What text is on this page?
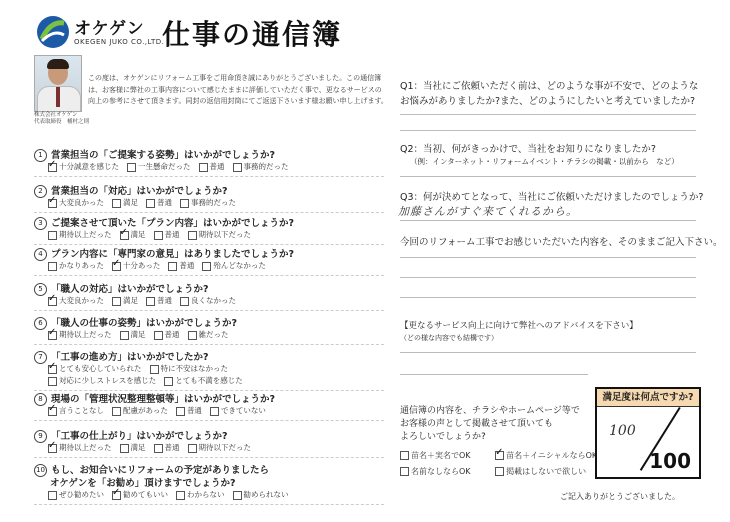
オケゲン
OKEGEN JUKO CO.,LTD.
仕事の通信簿
株式会社オケゲン
代表取締役　桶村之則
この度は、オケゲンにリフォーム工事をご用命頂き誠にありがとうございました。この通信簿は、お客様に弊社の工事内容について感じたままに評価していただく事で、更なるサービスの向上の参考にさせて頂きます。同封の返信用封筒にてご返送下さいます様お願い申し上げます。
1 営業担当の「ご提案する姿勢」はいかがでしょうか?
✓十分誠意を感じた	一生懸命だった	普通	事務的だった
2 営業担当の「対応」はいかがでしょうか?
✓大変良かった	満足	普通	事務的だった
3 ご提案させて頂いた「プラン内容」はいかがでしょうか?
期待以上だった ✓	満足	普通	期待以下だった
4 プラン内容に「専門家の意見」はありましたでしょうか?
かなりあった ✓	十分あった	普通	殆んどなかった
5 「職人の対応」はいかがでしょうか?
✓大変良かった	満足	普通	良くなかった
6 「職人の仕事の姿勢」はいかがでしょうか?
✓期待以上だった	満足	普通	雑だった
7 「工事の進め方」はいかがでしたか?
✓とても安心していられた	特に不安はなかった
対応に少しストレスを感じた	とても不満を感じた
8 現場の「管理状況整理整頓等」はいかがでしょうか?
✓言うことなし	配慮があった	普通	できていない
9 「工事の仕上がり」はいかがでしょうか?
✓期待以上だった	満足	普通	期待以下だった
10 もし、お知合いにリフォームの予定がありましたら
オケゲンを「お勧め」頂けますでしょうか?
ぜひ勧めたい ✓	勧めてもいい	わからない	勧められない
Q1：当社にご依頼いただく前は、どのような事が不安で、どのような
お悩みがありましたか?また、どのようにしたいと考えていましたか?
Q2：当初、何がきっかけで、当社をお知りになりましたか?
（例：インターネット・リフォームイベント・チラシの掲載・以前から　など）
Q3：何が決めてとなって、当社にご依頼いただけましたのでしょうか?
加藤さんがすぐ来てくれるから。
今回のリフォーム工事でお感じいただいた内容を、そのままご記入下さい。
【更なるサービス向上に向けて弊社へのアドバイスを下さい】
（どの様な内容でも結構です）
通信簿の内容を、チラシやホームページ等で
お客様の声として掲載させて頂いても
よろしいでしょうか?
苗名＋実名でOK ✓	苗名＋イニシャルならOK
名前なしならOK	掲載はしないで欲しい
満足度は何点ですか?
100
100
ご記入ありがとうございました。
